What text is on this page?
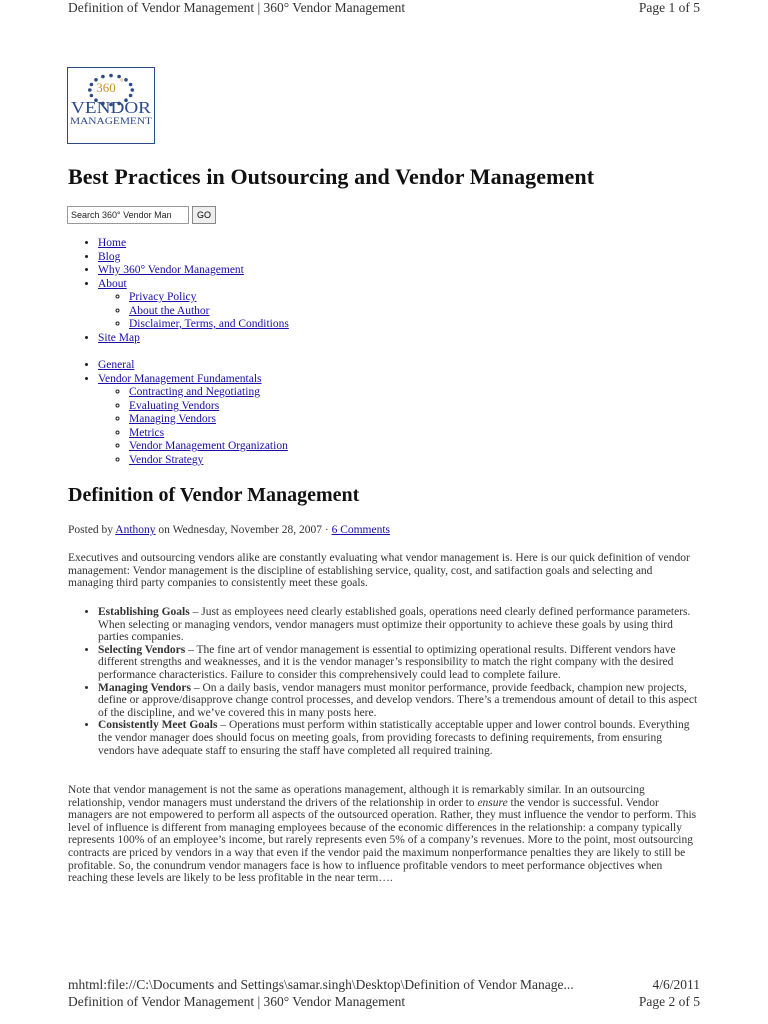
Definition of Vendor Management | 360° Vendor Management	Page 1 of 5
360 °
VENDOR
MANAGEMENT
Best Practices in Outsourcing and Vendor Management
Search 360° Vendor Man
GO
• Home
• Blog
• Why 360° Vendor Management
• About
◦ Privacy Policy
◦ About the Author
◦ Disclaimer, Terms, and Conditions
• Site Map
• General
• Vendor Management Fundamentals
◦ Contracting and Negotiating
◦ Evaluating Vendors
◦ Managing Vendors
◦ Metrics
◦ Vendor Management Organization
◦ Vendor Strategy
Definition of Vendor Management
Posted by Anthony on Wednesday, November 28, 2007 · 6 Comments

Executives and outsourcing vendors alike are constantly evaluating what vendor management is. Here is our quick definition of vendor management: Vendor management is the discipline of establishing service, quality, cost, and satifaction goals and selecting and managing third party companies to consistently meet these goals.

• Establishing Goals – Just as employees need clearly established goals, operations need clearly defined performance parameters. When selecting or managing vendors, vendor managers must optimize their opportunity to achieve these goals by using third parties companies.
• Selecting Vendors – The fine art of vendor management is essential to optimizing operational results. Different vendors have different strengths and weaknesses, and it is the vendor manager’s responsibility to match the right company with the desired performance characteristics. Failure to consider this comprehensively could lead to complete failure.
• Managing Vendors – On a daily basis, vendor managers must monitor performance, provide feedback, champion new projects, define or approve/disapprove change control processes, and develop vendors. There’s a tremendous amount of detail to this aspect of the discipline, and we’ve covered this in many posts here.
• Consistently Meet Goals – Operations must perform within statistically acceptable upper and lower control bounds. Everything the vendor manager does should focus on meeting goals, from providing forecasts to defining requirements, from ensuring vendors have adequate staff to ensuring the staff have completed all required training.

Note that vendor management is not the same as operations management, although it is remarkably similar. In an outsourcing relationship, vendor managers must understand the drivers of the relationship in order to ensure the vendor is successful. Vendor managers are not empowered to perform all aspects of the outsourced operation. Rather, they must influence the vendor to perform. This level of influence is different from managing employees because of the economic differences in the relationship: a company typically represents 100% of an employee’s income, but rarely represents even 5% of a company’s revenues. More to the point, most outsourcing contracts are priced by vendors in a way that even if the vendor paid the maximum nonperformance penalties they are likely to still be profitable. So, the conundrum vendor managers face is how to influence profitable vendors to meet performance objectives when reaching these levels are likely to be less profitable in the near term….

mhtml:file://C:\Documents and Settings\samar.singh\Desktop\Definition of Vendor Manage...	4/6/2011
Definition of Vendor Management | 360° Vendor Management	Page 2 of 5
